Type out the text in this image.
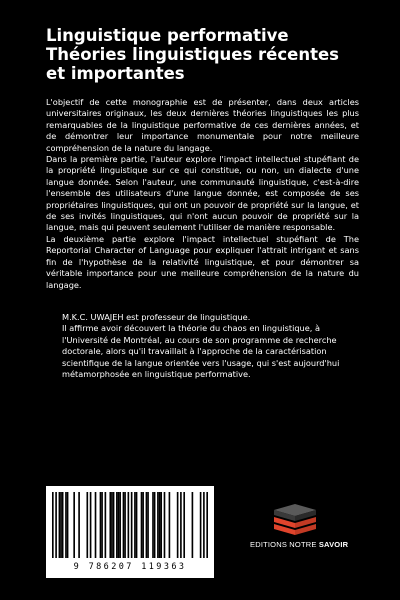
Linguistique performative
Théories linguistiques récentes
et importantes

L'objectif de cette monographie est de présenter, dans deux articles universitaires originaux, les deux dernières théories linguistiques les plus remarquables de la linguistique performative de ces dernières années, et de démontrer leur importance monumentale pour notre meilleure compréhension de la nature du langage.

Dans la première partie, l'auteur explore l'impact intellectuel stupéfiant de la propriété linguistique sur ce qui constitue, ou non, un dialecte d'une langue donnée. Selon l'auteur, une communauté linguistique, c'est-à-dire l'ensemble des utilisateurs d'une langue donnée, est composée de ses propriétaires linguistiques, qui ont un pouvoir de propriété sur la langue, et de ses invités linguistiques, qui n'ont aucun pouvoir de propriété sur la langue, mais qui peuvent seulement l'utiliser de manière responsable.

La deuxième partie explore l'impact intellectuel stupéfiant de The Reportorial Character of Language pour expliquer l'attrait intrigant et sans fin de l'hypothèse de la relativité linguistique, et pour démontrer sa véritable importance pour une meilleure compréhension de la nature du langage.

M.K.C. UWAJEH est professeur de linguistique.

Il affirme avoir découvert la théorie du chaos en linguistique, à l'Université de Montréal, au cours de son programme de recherche doctorale, alors qu'il travaillait à l'approche de la caractérisation scientifique de la langue orientée vers l'usage, qui s'est aujourd'hui métamorphosée en linguistique performative.

9 786207 119363
EDITIONS NOTRE SAVOIR
